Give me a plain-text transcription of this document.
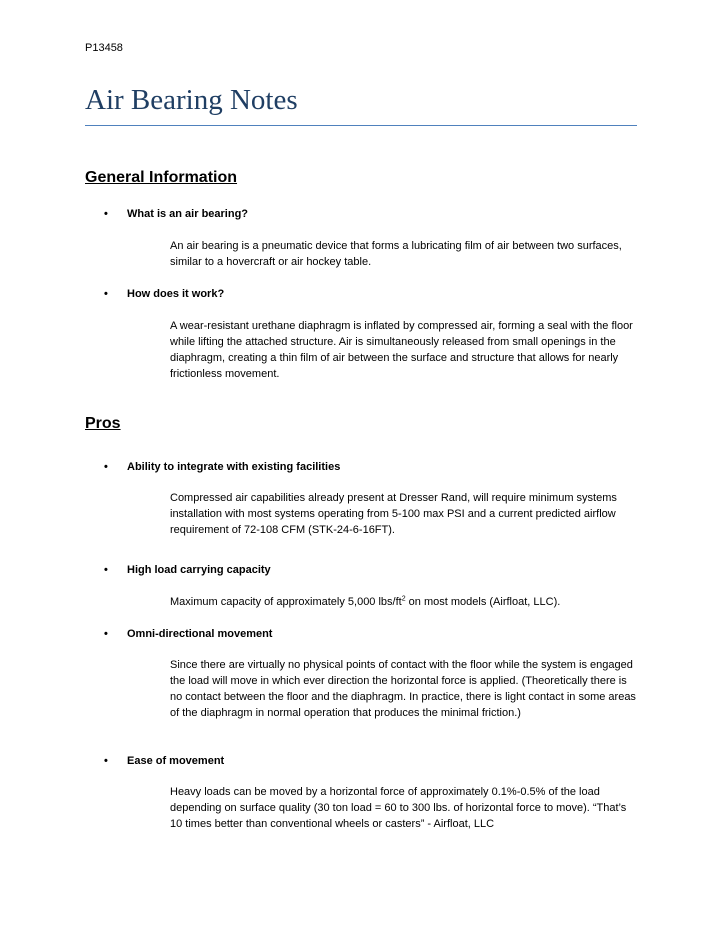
P13458
Air Bearing Notes
General Information
• What is an air bearing?
An air bearing is a pneumatic device that forms a lubricating film of air between two surfaces, similar to a hovercraft or air hockey table.
• How does it work?
A wear-resistant urethane diaphragm is inflated by compressed air, forming a seal with the floor while lifting the attached structure. Air is simultaneously released from small openings in the diaphragm, creating a thin film of air between the surface and structure that allows for nearly frictionless movement.
Pros
• Ability to integrate with existing facilities
Compressed air capabilities already present at Dresser Rand, will require minimum systems installation with most systems operating from 5-100 max PSI and a current predicted airflow requirement of 72-108 CFM (STK-24-6-16FT).
• High load carrying capacity
Maximum capacity of approximately 5,000 lbs/$ft^2$ on most models (Airfloat, LLC).
• Omni-directional movement
Since there are virtually no physical points of contact with the floor while the system is engaged the load will move in which ever direction the horizontal force is applied. (Theoretically there is no contact between the floor and the diaphragm. In practice, there is light contact in some areas of the diaphragm in normal operation that produces the minimal friction.)
• Ease of movement
Heavy loads can be moved by a horizontal force of approximately 0.1%-0.5% of the load depending on surface quality (30 ton load = 60 to 300 lbs. of horizontal force to move). “That’s 10 times better than conventional wheels or casters” - Airfloat, LLC
